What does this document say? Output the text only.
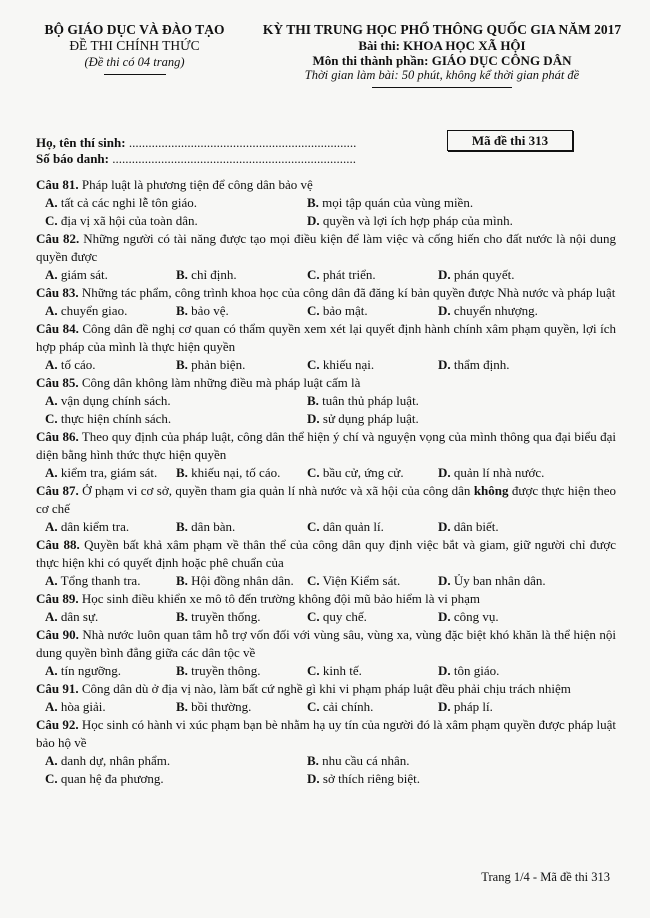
BỘ GIÁO DỤC VÀ ĐÀO TẠO
ĐỀ THI CHÍNH THỨC
(Đề thi có 04 trang)
KỲ THI TRUNG HỌC PHỔ THÔNG QUỐC GIA NĂM 2017
Bài thi: KHOA HỌC XÃ HỘI
Môn thi thành phần: GIÁO DỤC CÔNG DÂN
Thời gian làm bài: 50 phút, không kể thời gian phát đề
Họ, tên thí sinh: ......................................................................
Số báo danh: ...........................................................................
Mã đề thi 313
Câu 81. Pháp luật là phương tiện để công dân bảo vệ
A. tất cả các nghi lễ tôn giáo.	B. mọi tập quán của vùng miền.
C. địa vị xã hội của toàn dân.	D. quyền và lợi ích hợp pháp của mình.
Câu 82. Những người có tài năng được tạo mọi điều kiện để làm việc và cống hiến cho đất nước là nội dung quyền được
A. giám sát.	B. chỉ định.	C. phát triển.	D. phán quyết.
Câu 83. Những tác phẩm, công trình khoa học của công dân đã đăng kí bản quyền được Nhà nước và pháp luật
A. chuyển giao.	B. bảo vệ.	C. bảo mật.	D. chuyển nhượng.
Câu 84. Công dân đề nghị cơ quan có thẩm quyền xem xét lại quyết định hành chính xâm phạm quyền, lợi ích hợp pháp của mình là thực hiện quyền
A. tố cáo.	B. phản biện.	C. khiếu nại.	D. thẩm định.
Câu 85. Công dân không làm những điều mà pháp luật cấm là
A. vận dụng chính sách.	B. tuân thủ pháp luật.
C. thực hiện chính sách.	D. sử dụng pháp luật.
Câu 86. Theo quy định của pháp luật, công dân thể hiện ý chí và nguyện vọng của mình thông qua đại biểu đại diện bằng hình thức thực hiện quyền
A. kiểm tra, giám sát.	B. khiếu nại, tố cáo.	C. bầu cử, ứng cử.	D. quản lí nhà nước.
Câu 87. Ở phạm vi cơ sở, quyền tham gia quản lí nhà nước và xã hội của công dân không được thực hiện theo cơ chế
A. dân kiểm tra.	B. dân bàn.	C. dân quản lí.	D. dân biết.
Câu 88. Quyền bất khả xâm phạm về thân thể của công dân quy định việc bắt và giam, giữ người chỉ được thực hiện khi có quyết định hoặc phê chuẩn của
A. Tổng thanh tra.	B. Hội đồng nhân dân.	C. Viện Kiểm sát.	D. Ủy ban nhân dân.
Câu 89. Học sinh điều khiển xe mô tô đến trường không đội mũ bảo hiểm là vi phạm
A. dân sự.	B. truyền thống.	C. quy chế.	D. công vụ.
Câu 90. Nhà nước luôn quan tâm hỗ trợ vốn đối với vùng sâu, vùng xa, vùng đặc biệt khó khăn là thể hiện nội dung quyền bình đẳng giữa các dân tộc về
A. tín ngưỡng.	B. truyền thông.	C. kinh tế.	D. tôn giáo.
Câu 91. Công dân dù ở địa vị nào, làm bất cứ nghề gì khi vi phạm pháp luật đều phải chịu trách nhiệm
A. hòa giải.	B. bồi thường.	C. cải chính.	D. pháp lí.
Câu 92. Học sinh có hành vi xúc phạm bạn bè nhằm hạ uy tín của người đó là xâm phạm quyền được pháp luật bảo hộ về
A. danh dự, nhân phẩm.	B. nhu cầu cá nhân.
C. quan hệ đa phương.	D. sở thích riêng biệt.
Trang 1/4 - Mã đề thi 313
